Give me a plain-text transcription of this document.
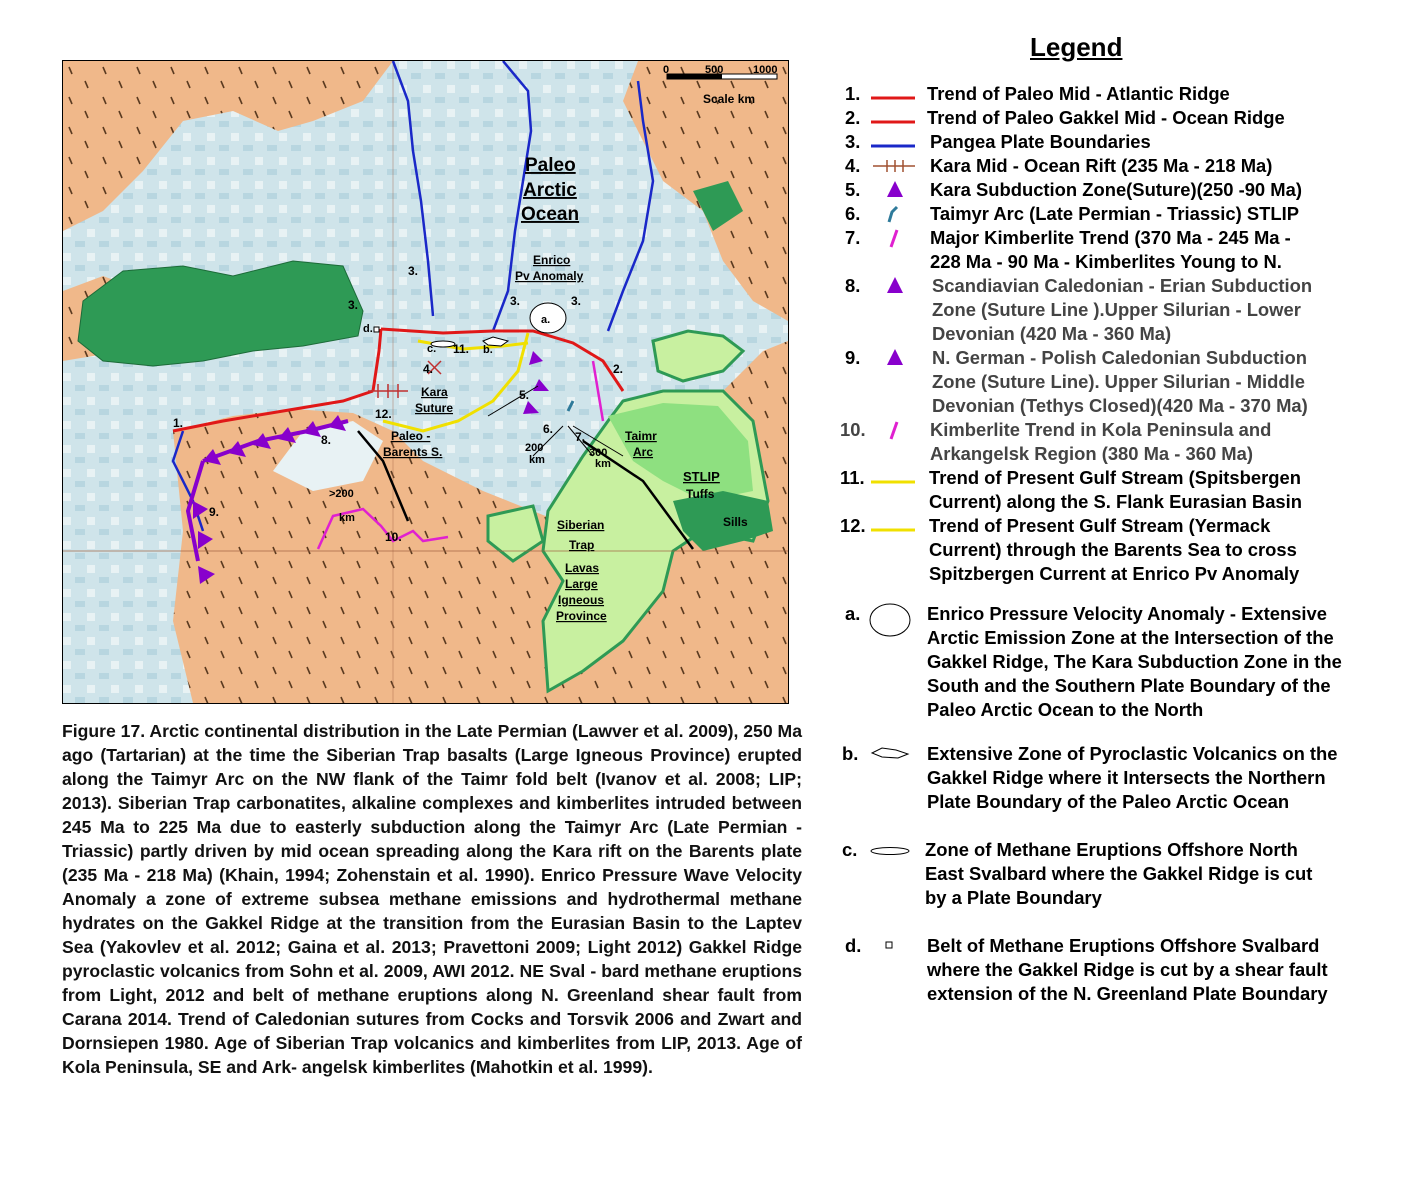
0	500	1000
Scale km
Paleo
Arctic
Ocean
Enrico
Pv Anomaly
Kara
Suture
Paleo -
Barents S.
Taimr
Arc
STLIP
Tuffs
Sills
Siberian
Trap
Lavas
Large
Igneous
Province
200
km
300
km
>200
km
a.
b.
c.
d.
1.
2.
3.
3.	3.	3.
4.
5.
6.
7.
8.
9.
10.
11.
12.
Figure 17. Arctic continental distribution in the Late Permian (Lawver et al. 2009), 250 Ma ago (Tartarian) at the time the Siberian Trap basalts (Large Igneous Province) erupted along the Taimyr Arc on the NW flank of the Taimr fold belt (Ivanov et al. 2008; LIP; 2013). Siberian Trap carbonatites, alkaline complexes and kimberlites intruded between 245 Ma to 225 Ma due to easterly subduction along the Taimyr Arc (Late Permian - Triassic) partly driven by mid ocean spreading along the Kara rift on the Barents plate (235 Ma - 218 Ma) (Khain, 1994; Zohenstain et al. 1990). Enrico Pressure Wave Velocity Anomaly a zone of extreme subsea methane emissions and hydrothermal methane hydrates on the Gakkel Ridge at the transition from the Eurasian Basin to the Laptev Sea (Yakovlev et al. 2012; Gaina et al. 2013; Pravettoni 2009; Light 2012) Gakkel Ridge pyroclastic volcanics from Sohn et al. 2009, AWI 2012. NE Sval - bard methane eruptions from Light, 2012 and belt of methane eruptions along N. Greenland shear fault from Carana 2014. Trend of Caledonian sutures from Cocks and Torsvik 2006 and Zwart and Dornsiepen 1980. Age of Siberian Trap volcanics and kimberlites from LIP, 2013. Age of Kola Peninsula, SE and Ark- angelsk kimberlites (Mahotkin et al. 1999).
Legend
1.	Trend of Paleo Mid - Atlantic Ridge
2.	Trend of Paleo Gakkel Mid - Ocean Ridge
3.	Pangea Plate Boundaries
4.	Kara Mid - Ocean Rift (235 Ma - 218 Ma)
5.	Kara Subduction Zone(Suture)(250 -90 Ma)
6.	Taimyr Arc (Late Permian - Triassic) STLIP
7.	Major Kimberlite Trend (370 Ma - 245 Ma -
228 Ma - 90 Ma - Kimberlites Young to N.
8.	Scandiavian Caledonian - Erian Subduction
Zone (Suture Line ).Upper Silurian - Lower
Devonian (420 Ma - 360 Ma)
9.	N. German - Polish Caledonian Subduction
Zone (Suture Line). Upper Silurian - Middle
Devonian (Tethys Closed)(420 Ma - 370 Ma)
10.	Kimberlite Trend in Kola Peninsula and
Arkangelsk Region (380 Ma - 360 Ma)
11.	Trend of Present Gulf Stream (Spitsbergen
Current) along the S. Flank Eurasian Basin
12.	Trend of Present Gulf Stream (Yermack
Current) through the Barents Sea to cross
Spitzbergen Current at Enrico Pv Anomaly
a.	Enrico Pressure Velocity Anomaly - Extensive
Arctic Emission Zone at the Intersection of the
Gakkel Ridge, The Kara Subduction Zone in the
South and the Southern Plate Boundary of the
Paleo Arctic Ocean to the North
b.	Extensive Zone of Pyroclastic Volcanics on the
Gakkel Ridge where it Intersects the Northern
Plate Boundary of the Paleo Arctic Ocean
c.	Zone of Methane Eruptions Offshore North
East Svalbard where the Gakkel Ridge is cut
by a Plate Boundary
d.	Belt of Methane Eruptions Offshore Svalbard
where the Gakkel Ridge is cut by a shear fault
extension of the N. Greenland Plate Boundary
